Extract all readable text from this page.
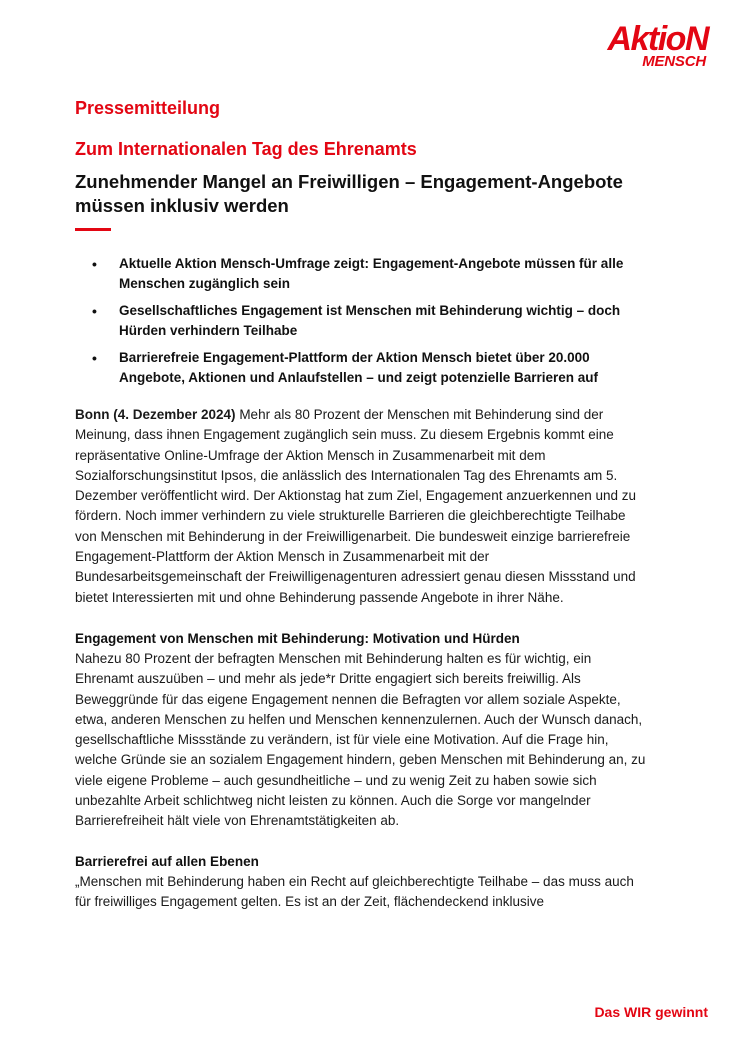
AktioN
MENSCH
Pressemitteilung
Zum Internationalen Tag des Ehrenamts
Zunehmender Mangel an Freiwilligen – Engagement-Angebote müssen inklusiv werden
• Aktuelle Aktion Mensch-Umfrage zeigt: Engagement-Angebote müssen für alle Menschen zugänglich sein
• Gesellschaftliches Engagement ist Menschen mit Behinderung wichtig – doch Hürden verhindern Teilhabe
• Barrierefreie Engagement-Plattform der Aktion Mensch bietet über 20.000 Angebote, Aktionen und Anlaufstellen – und zeigt potenzielle Barrieren auf
Bonn (4. Dezember 2024) Mehr als 80 Prozent der Menschen mit Behinderung sind der Meinung, dass ihnen Engagement zugänglich sein muss. Zu diesem Ergebnis kommt eine repräsentative Online-Umfrage der Aktion Mensch in Zusammenarbeit mit dem Sozialforschungsinstitut Ipsos, die anlässlich des Internationalen Tag des Ehrenamts am 5. Dezember veröffentlicht wird. Der Aktionstag hat zum Ziel, Engagement anzuerkennen und zu fördern. Noch immer verhindern zu viele strukturelle Barrieren die gleichberechtigte Teilhabe von Menschen mit Behinderung in der Freiwilligenarbeit. Die bundesweit einzige barrierefreie Engagement-Plattform der Aktion Mensch in Zusammenarbeit mit der Bundesarbeitsgemeinschaft der Freiwilligenagenturen adressiert genau diesen Missstand und bietet Interessierten mit und ohne Behinderung passende Angebote in ihrer Nähe.
Engagement von Menschen mit Behinderung: Motivation und Hürden
Nahezu 80 Prozent der befragten Menschen mit Behinderung halten es für wichtig, ein Ehrenamt auszuüben – und mehr als jede*r Dritte engagiert sich bereits freiwillig. Als Beweggründe für das eigene Engagement nennen die Befragten vor allem soziale Aspekte, etwa, anderen Menschen zu helfen und Menschen kennenzulernen. Auch der Wunsch danach, gesellschaftliche Missstände zu verändern, ist für viele eine Motivation. Auf die Frage hin, welche Gründe sie an sozialem Engagement hindern, geben Menschen mit Behinderung an, zu viele eigene Probleme – auch gesundheitliche – und zu wenig Zeit zu haben sowie sich unbezahlte Arbeit schlichtweg nicht leisten zu können. Auch die Sorge vor mangelnder Barrierefreiheit hält viele von Ehrenamtstätigkeiten ab.
Barrierefrei auf allen Ebenen
„Menschen mit Behinderung haben ein Recht auf gleichberechtigte Teilhabe – das muss auch für freiwilliges Engagement gelten. Es ist an der Zeit, flächendeckend inklusive
Das WIR gewinnt
